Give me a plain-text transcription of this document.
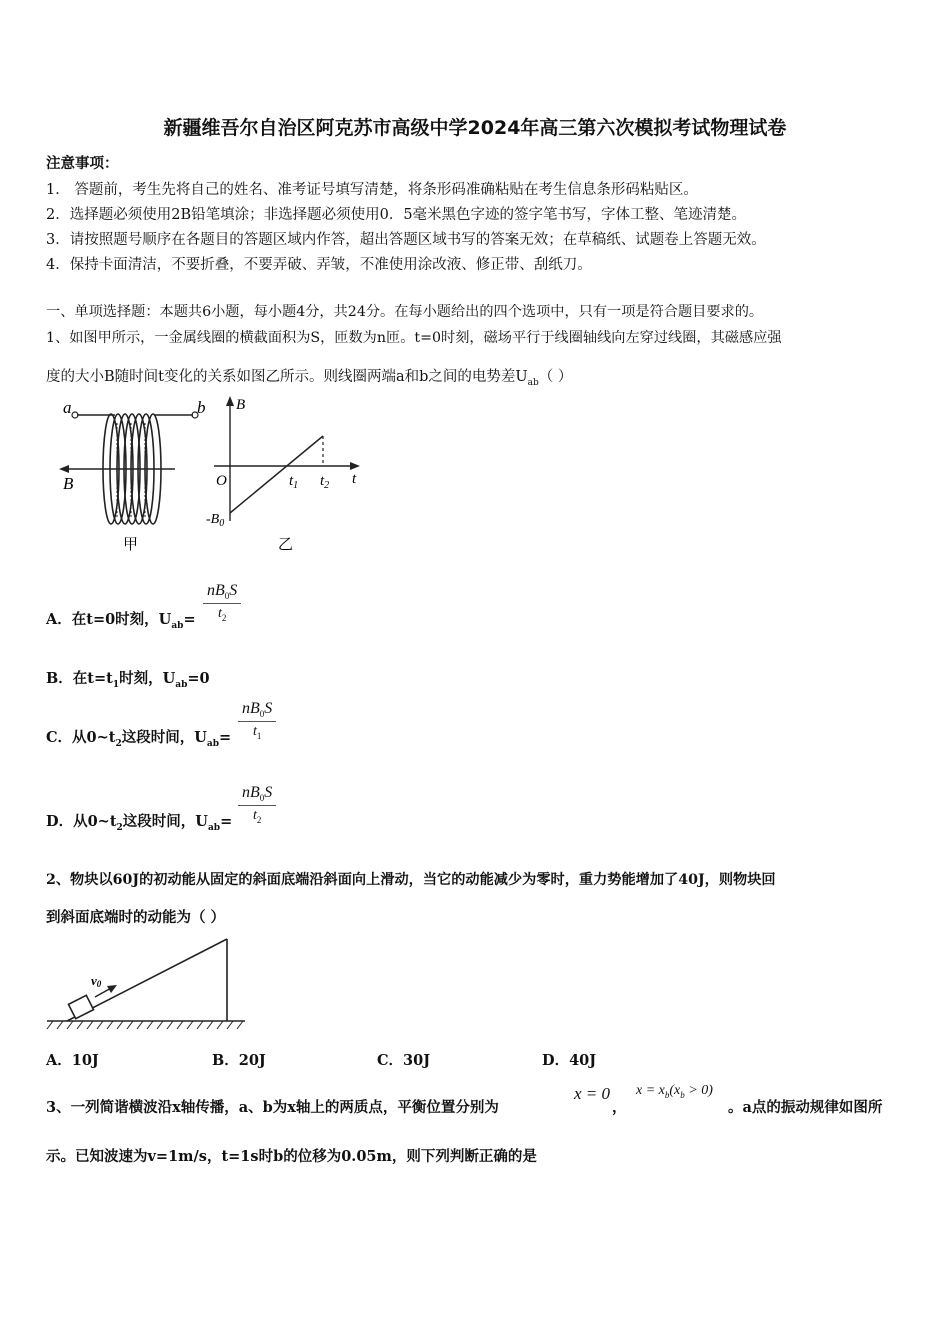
新疆维吾尔自治区阿克苏市高级中学2024年高三第六次模拟考试物理试卷
注意事项：
1． 答题前，考生先将自己的姓名、准考证号填写清楚，将条形码准确粘贴在考生信息条形码粘贴区。
2．选择题必须使用2B铅笔填涂；非选择题必须使用0．5毫米黑色字迹的签字笔书写，字体工整、笔迹清楚。
3．请按照题号顺序在各题目的答题区域内作答，超出答题区域书写的答案无效；在草稿纸、试题卷上答题无效。
4．保持卡面清洁，不要折叠，不要弄破、弄皱，不准使用涂改液、修正带、刮纸刀。
一、单项选择题：本题共6小题，每小题4分，共24分。在每小题给出的四个选项中，只有一项是符合题目要求的。
1、如图甲所示，一金属线圈的横截面积为S，匝数为n匝。t=0时刻，磁场平行于线圈轴线向左穿过线圈，其磁感应强
度的大小B随时间t变化的关系如图乙所示。则线圈两端a和b之间的电势差$U_{ab}$（ ）
a	b
B
甲
B
O	$t_1$ $t_2$ t
$-B_0$
乙
A．在t=0时刻，$U_{ab}= \frac{nB_0S}{t_2}$
B．在$t=t_1$时刻，$U_{ab}=0$
C．从$0\sim t_2$这段时间，$U_{ab}= \frac{nB_0S}{t_1}$
D．从$0\sim t_2$这段时间，$U_{ab}= \frac{nB_0S}{t_2}$
2、物块以60J的初动能从固定的斜面底端沿斜面向上滑动，当它的动能减少为零时，重力势能增加了40J，则物块回
到斜面底端时的动能为（ ）
v0
A．10J	B．20J	C．30J	D．40J
3、一列简谐横波沿x轴传播，a、b为x轴上的两质点，平衡位置分别为
x = 0
，
$x = x_b(x_b > 0)$
。a点的振动规律如图所
示。已知波速为v=1m/s，t=1s时b的位移为0.05m，则下列判断正确的是
